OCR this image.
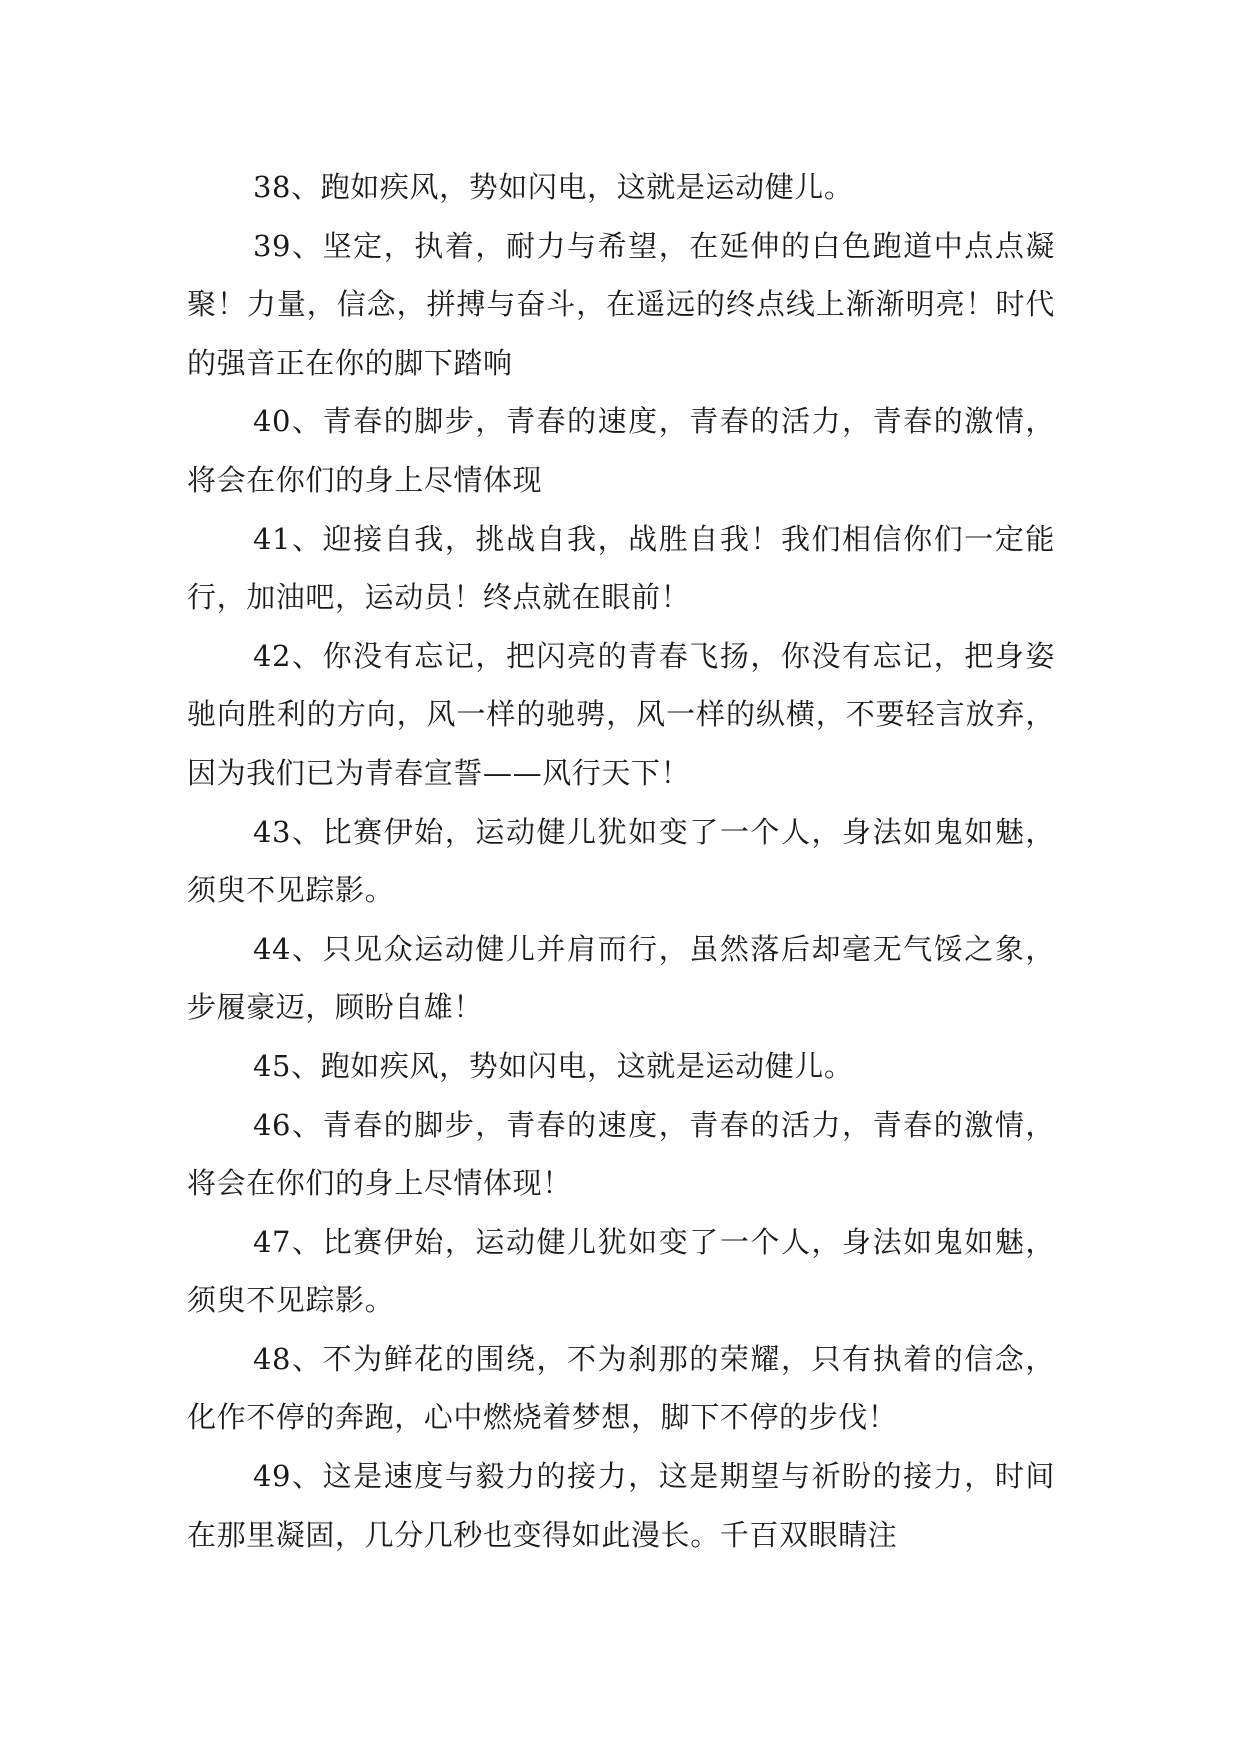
38、跑如疾风，势如闪电，这就是运动健儿。

39、坚定，执着，耐力与希望，在延伸的白色跑道中点点凝聚！力量，信念，拼搏与奋斗，在遥远的终点线上渐渐明亮！时代的强音正在你的脚下踏响

40、青春的脚步，青春的速度，青春的活力，青春的激情，将会在你们的身上尽情体现

41、迎接自我，挑战自我，战胜自我！我们相信你们一定能行，加油吧，运动员！终点就在眼前！

42、你没有忘记，把闪亮的青春飞扬，你没有忘记，把身姿驰向胜利的方向，风一样的驰骋，风一样的纵横，不要轻言放弃，因为我们已为青春宣誓——风行天下！

43、比赛伊始，运动健儿犹如变了一个人，身法如鬼如魅，须臾不见踪影。

44、只见众运动健儿并肩而行，虽然落后却毫无气馁之象，步履豪迈，顾盼自雄！

45、跑如疾风，势如闪电，这就是运动健儿。

46、青春的脚步，青春的速度，青春的活力，青春的激情，将会在你们的身上尽情体现！

47、比赛伊始，运动健儿犹如变了一个人，身法如鬼如魅，须臾不见踪影。

48、不为鲜花的围绕，不为刹那的荣耀，只有执着的信念，化作不停的奔跑，心中燃烧着梦想，脚下不停的步伐！

49、这是速度与毅力的接力，这是期望与祈盼的接力，时间在那里凝固，几分几秒也变得如此漫长。千百双眼睛注
